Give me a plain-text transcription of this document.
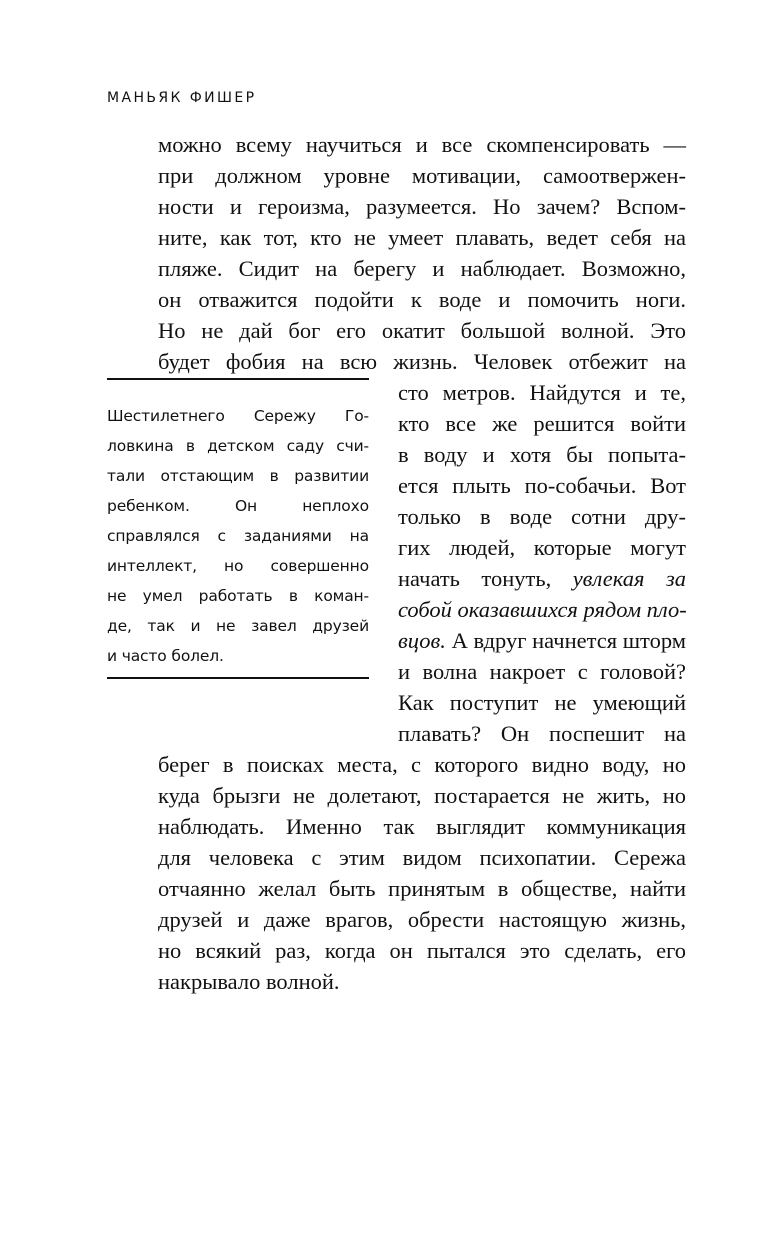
МАНЬЯК ФИШЕР
можно всему научиться и все скомпенсировать —
при должном уровне мотивации, самоотвержен-
ности и героизма, разумеется. Но зачем? Вспом-
ните, как тот, кто не умеет плавать, ведет себя на
пляже. Сидит на берегу и наблюдает. Возможно,
он отважится подойти к воде и помочить ноги.
Но не дай бог его окатит большой волной. Это
будет фобия на всю жизнь. Человек отбежит на
сто метров. Найдутся и те,
кто все же решится войти
в воду и хотя бы попыта-
ется плыть по-собачьи. Вот
только в воде сотни дру-
гих людей, которые могут
начать тонуть, увлекая за
собой оказавшихся рядом пло-
вцов. А вдруг начнется шторм
и волна накроет с головой?
Как поступит не умеющий
плавать? Он поспешит на
Шестилетнего Сережу Го-
ловкина в детском саду счи-
тали отстающим в развитии
ребенком. Он неплохо
справлялся с заданиями на
интеллект, но совершенно
не умел работать в коман-
де, так и не завел друзей
и часто болел.
берег в поисках места, с которого видно воду, но
куда брызги не долетают, постарается не жить, но
наблюдать. Именно так выглядит коммуникация
для человека с этим видом психопатии. Сережа
отчаянно желал быть принятым в обществе, найти
друзей и даже врагов, обрести настоящую жизнь,
но всякий раз, когда он пытался это сделать, его
накрывало волной.
